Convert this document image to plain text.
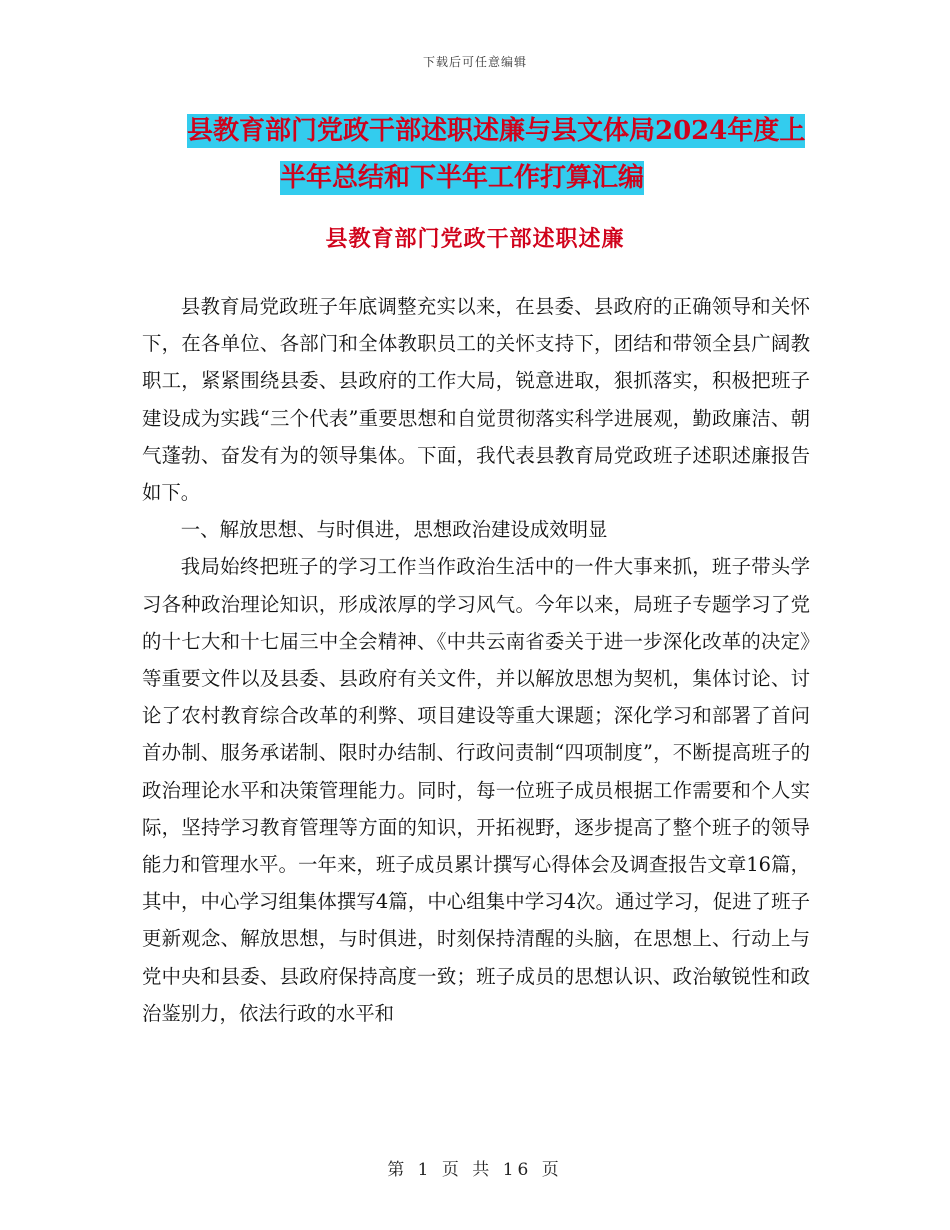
下载后可任意编辑
县教育部门党政干部述职述廉与县文体局2024年度上
半年总结和下半年工作打算汇编
县教育部门党政干部述职述廉

县教育局党政班子年底调整充实以来，在县委、县政府的正确领导和关怀下，在各单位、各部门和全体教职员工的关怀支持下，团结和带领全县广阔教职工，紧紧围绕县委、县政府的工作大局，锐意进取，狠抓落实，积极把班子建设成为实践“三个代表”重要思想和自觉贯彻落实科学进展观，勤政廉洁、朝气蓬勃、奋发有为的领导集体。下面，我代表县教育局党政班子述职述廉报告如下。

一、解放思想、与时俱进，思想政治建设成效明显

我局始终把班子的学习工作当作政治生活中的一件大事来抓，班子带头学习各种政治理论知识，形成浓厚的学习风气。今年以来，局班子专题学习了党的十七大和十七届三中全会精神、《中共云南省委关于进一步深化改革的决定》等重要文件以及县委、县政府有关文件，并以解放思想为契机，集体讨论、讨论了农村教育综合改革的利弊、项目建设等重大课题；深化学习和部署了首问首办制、服务承诺制、限时办结制、行政问责制“四项制度”，不断提高班子的政治理论水平和决策管理能力。同时，每一位班子成员根据工作需要和个人实际，坚持学习教育管理等方面的知识，开拓视野，逐步提高了整个班子的领导能力和管理水平。一年来，班子成员累计撰写心得体会及调查报告文章16篇，其中，中心学习组集体撰写4篇，中心组集中学习4次。通过学习，促进了班子更新观念、解放思想，与时俱进，时刻保持清醒的头脑，在思想上、行动上与党中央和县委、县政府保持高度一致；班子成员的思想认识、政治敏锐性和政治鉴别力，依法行政的水平和

第 1 页 共 16 页
